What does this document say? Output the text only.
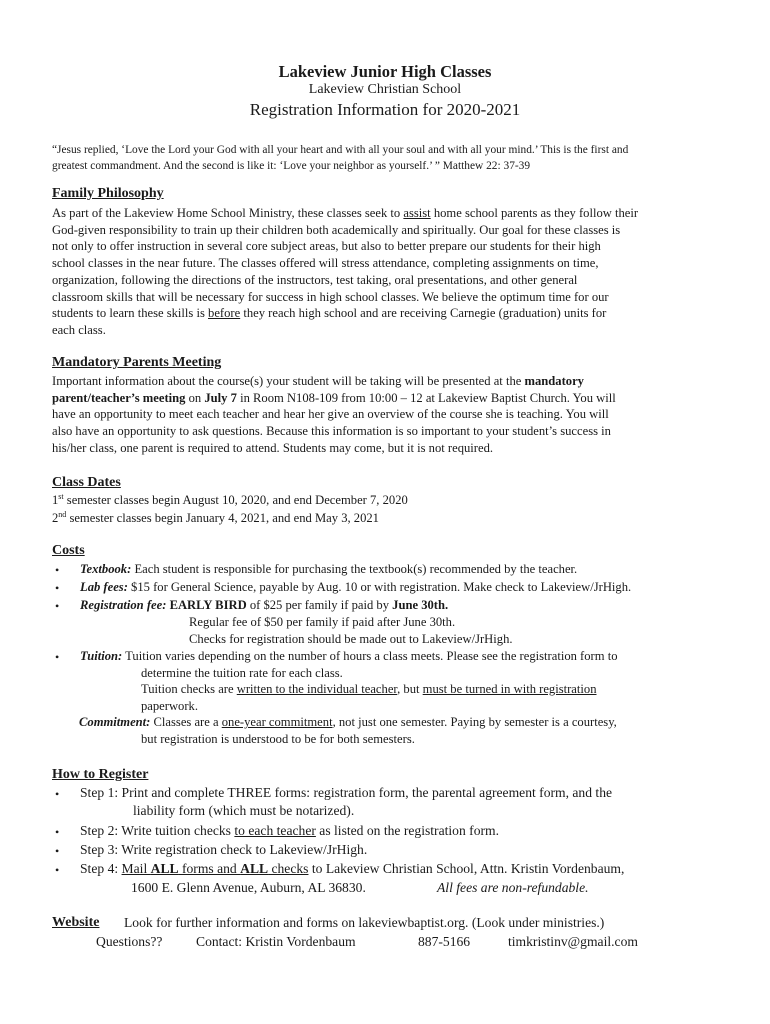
Lakeview Junior High Classes
Lakeview Christian School
Registration Information for 2020-2021
“Jesus replied, ‘Love the Lord your God with all your heart and with all your soul and with all your mind.’ This is the first and
greatest commandment. And the second is like it: ‘Love your neighbor as yourself.’ ” Matthew 22: 37-39
Family Philosophy
As part of the Lakeview Home School Ministry, these classes seek to assist home school parents as they follow their
God-given responsibility to train up their children both academically and spiritually. Our goal for these classes is
not only to offer instruction in several core subject areas, but also to better prepare our students for their high
school classes in the near future. The classes offered will stress attendance, completing assignments on time,
organization, following the directions of the instructors, test taking, oral presentations, and other general
classroom skills that will be necessary for success in high school classes. We believe the optimum time for our
students to learn these skills is before they reach high school and are receiving Carnegie (graduation) units for
each class.
Mandatory Parents Meeting
Important information about the course(s) your student will be taking will be presented at the mandatory
parent/teacher’s meeting on July 7 in Room N108-109 from 10:00 – 12 at Lakeview Baptist Church. You will
have an opportunity to meet each teacher and hear her give an overview of the course she is teaching. You will
also have an opportunity to ask questions. Because this information is so important to your student’s success in
his/her class, one parent is required to attend. Students may come, but it is not required.
Class Dates
1st semester classes begin August 10, 2020, and end December 7, 2020
2nd semester classes begin January 4, 2021, and end May 3, 2021
Costs
• Textbook: Each student is responsible for purchasing the textbook(s) recommended by the teacher.
• Lab fees: $15 for General Science, payable by Aug. 10 or with registration. Make check to Lakeview/JrHigh.
• Registration fee: EARLY BIRD of $25 per family if paid by June 30th.
Regular fee of $50 per family if paid after June 30th.
Checks for registration should be made out to Lakeview/JrHigh.
• Tuition: Tuition varies depending on the number of hours a class meets. Please see the registration form to
determine the tuition rate for each class.
Tuition checks are written to the individual teacher, but must be turned in with registration
paperwork.
Commitment: Classes are a one-year commitment, not just one semester. Paying by semester is a courtesy,
but registration is understood to be for both semesters.
How to Register
• Step 1: Print and complete THREE forms: registration form, the parental agreement form, and the
liability form (which must be notarized).
• Step 2: Write tuition checks to each teacher as listed on the registration form.
• Step 3: Write registration check to Lakeview/JrHigh.
• Step 4: Mail ALL forms and ALL checks to Lakeview Christian School, Attn. Kristin Vordenbaum,
1600 E. Glenn Avenue, Auburn, AL 36830.	All fees are non-refundable.
Website Look for further information and forms on lakeviewbaptist.org. (Look under ministries.)
Questions?? Contact: Kristin Vordenbaum	887-5166	timkristinv@gmail.com
